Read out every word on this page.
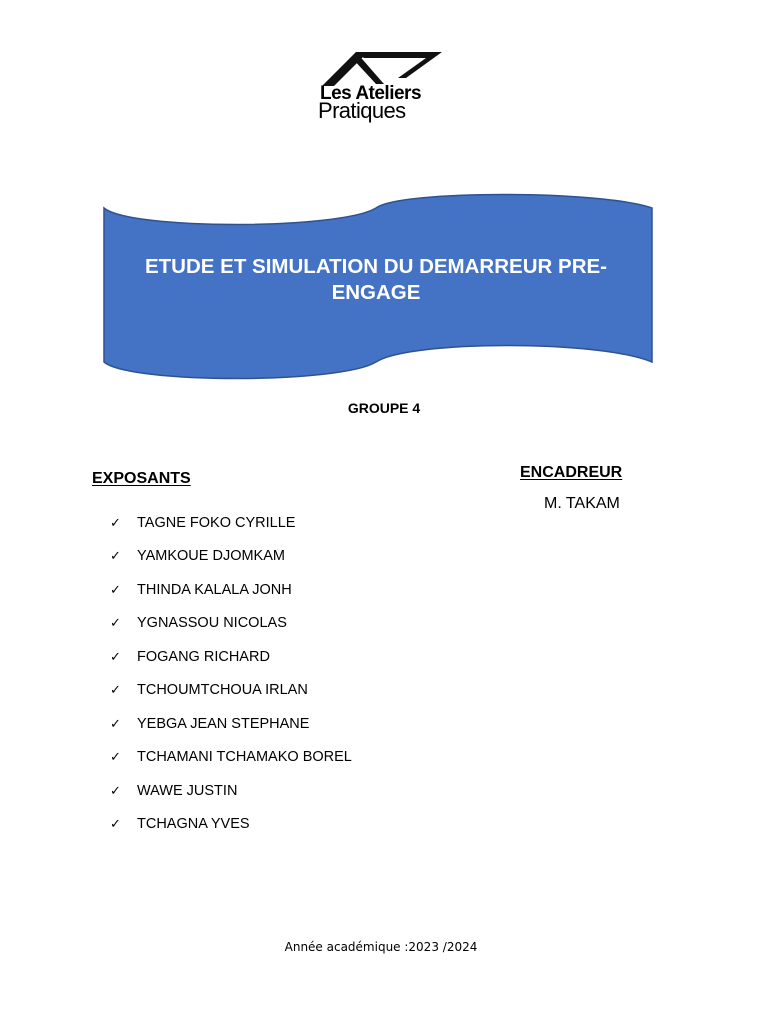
Les Ateliers
Pratiques
ETUDE ET SIMULATION DU DEMARREUR PRE-ENGAGE
GROUPE 4
EXPOSANTS
✓	TAGNE FOKO CYRILLE
✓	YAMKOUE DJOMKAM
✓	THINDA KALALA JONH
✓	YGNASSOU NICOLAS
✓	FOGANG RICHARD
✓	TCHOUMTCHOUA IRLAN
✓	YEBGA JEAN STEPHANE
✓	TCHAMANI TCHAMAKO BOREL
✓	WAWE JUSTIN
✓	TCHAGNA YVES
ENCADREUR
M. TAKAM
Année académique :2023 /2024
